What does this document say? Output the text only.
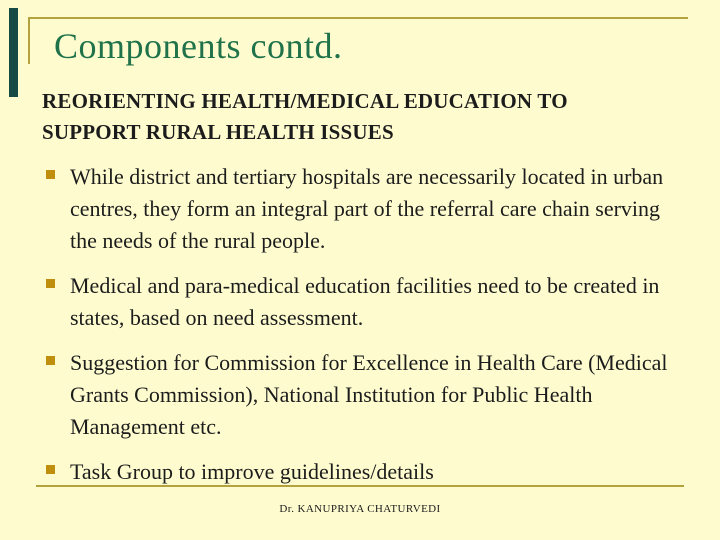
Components contd.

REORIENTING HEALTH/MEDICAL EDUCATION TO
SUPPORT RURAL HEALTH ISSUES

While district and tertiary hospitals are necessarily located in urban centres, they form an integral part of the referral care chain serving the needs of the rural people.
Medical and para-medical education facilities need to be created in states, based on need assessment.
Suggestion for Commission for Excellence in Health Care (Medical Grants Commission), National Institution for Public Health Management etc.
Task Group to improve guidelines/details
Dr. KANUPRIYA CHATURVEDI
